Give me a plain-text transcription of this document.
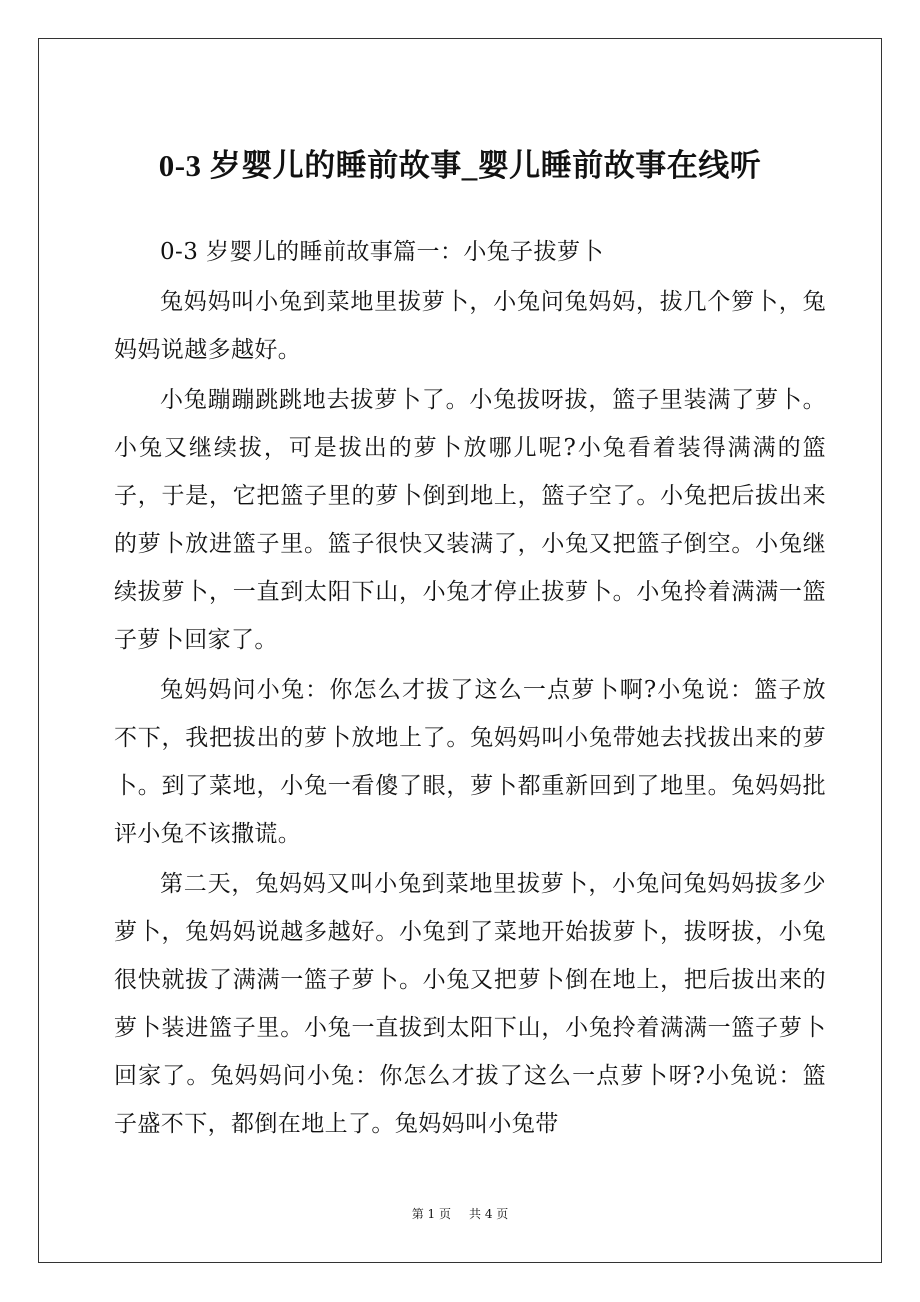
0-3 岁婴儿的睡前故事_婴儿睡前故事在线听

0-3 岁婴儿的睡前故事篇一：小兔子拔萝卜

兔妈妈叫小兔到菜地里拔萝卜，小兔问兔妈妈，拔几个箩卜，兔妈妈说越多越好。

小兔蹦蹦跳跳地去拔萝卜了。小兔拔呀拔，篮子里装满了萝卜。小兔又继续拔，可是拔出的萝卜放哪儿呢?小兔看着装得满满的篮子，于是，它把篮子里的萝卜倒到地上，篮子空了。小兔把后拔出来的萝卜放进篮子里。篮子很快又装满了，小兔又把篮子倒空。小兔继续拔萝卜，一直到太阳下山，小兔才停止拔萝卜。小兔拎着满满一篮子萝卜回家了。

兔妈妈问小兔：你怎么才拔了这么一点萝卜啊?小兔说：篮子放不下，我把拔出的萝卜放地上了。兔妈妈叫小兔带她去找拔出来的萝卜。到了菜地，小兔一看傻了眼，萝卜都重新回到了地里。兔妈妈批评小兔不该撒谎。

第二天，兔妈妈又叫小兔到菜地里拔萝卜，小兔问兔妈妈拔多少萝卜，兔妈妈说越多越好。小兔到了菜地开始拔萝卜，拔呀拔，小兔很快就拔了满满一篮子萝卜。小兔又把萝卜倒在地上，把后拔出来的萝卜装进篮子里。小兔一直拔到太阳下山，小兔拎着满满一篮子萝卜回家了。兔妈妈问小兔：你怎么才拔了这么一点萝卜呀?小兔说：篮子盛不下，都倒在地上了。兔妈妈叫小兔带

第 1 页 共 4 页
